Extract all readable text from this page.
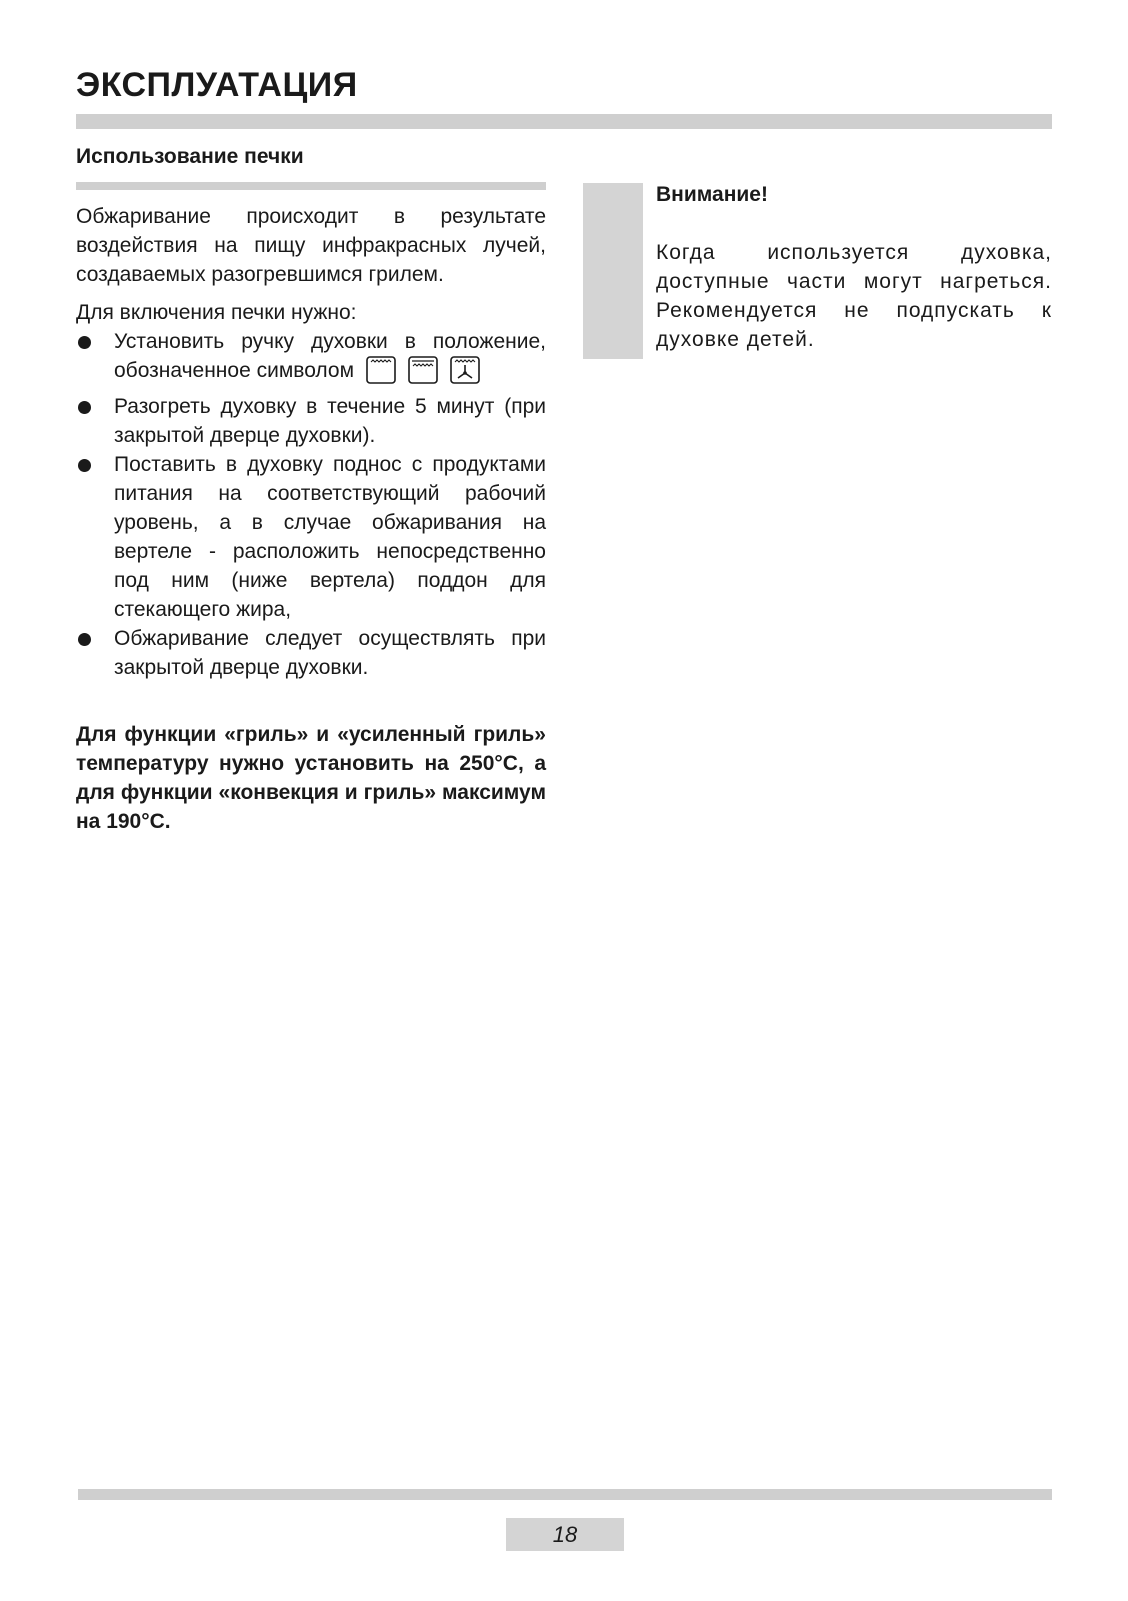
ЭКСПЛУАТАЦИЯ
Использование печки

Обжаривание происходит в результате воздействия на пищу инфракрасных лучей, создаваемых разогревшимся грилем.

Для включения печки нужно:

Установить ручку духовки в положение, обозначенное символом
Разогреть духовку в течение 5 минут (при закрытой дверце духовки).
Поставить в духовку поднос с продуктами питания на соответствующий рабочий уровень, а в случае обжаривания на вертеле - расположить непосредственно под ним (ниже вертела) поддон для стекающего жира,
Обжаривание следует осуществлять при закрытой дверце духовки.

Для функции «гриль» и «усиленный гриль» температуру нужно установить на 250°C, а для функции «конвекция и гриль» максимум на 190°C.

Внимание!

Когда используется духовка, доступные части могут нагреться. Рекомендуется не подпускать к духовке детей.

18
